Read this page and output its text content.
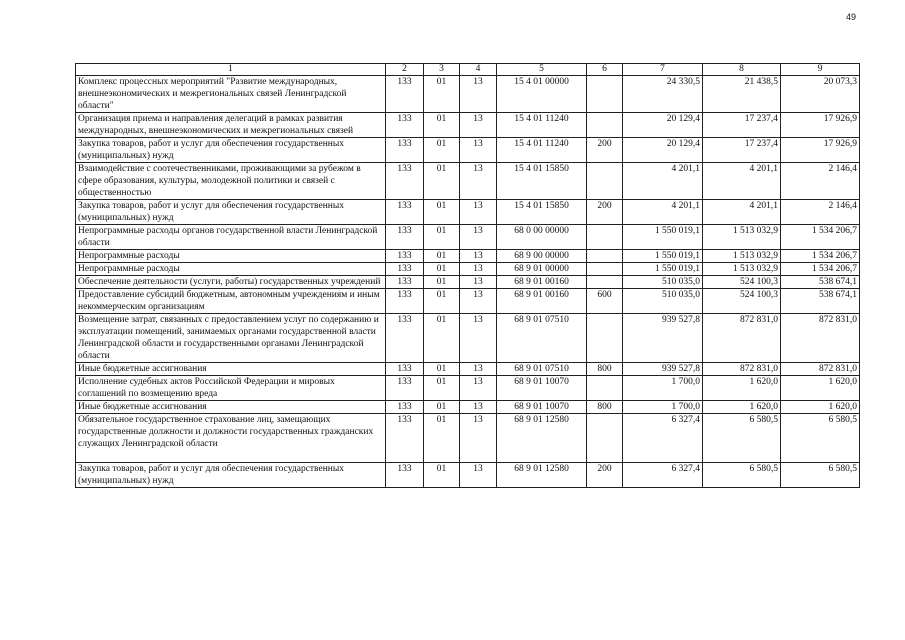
49
1	2	3	4	5	6	7	8	9
Комплекс процессных мероприятий "Развитие международных, внешнеэкономических и межрегиональных связей Ленинградской области"	133	01	13	15 4 01 00000		24 330,5	21 438,5	20 073,3
Организация приема и направления делегаций в рамках развития международных, внешнеэкономических и межрегиональных связей	133	01	13	15 4 01 11240		20 129,4	17 237,4	17 926,9
Закупка товаров, работ и услуг для обеспечения государственных (муниципальных) нужд	133	01	13	15 4 01 11240	200	20 129,4	17 237,4	17 926,9
Взаимодействие с соотечественниками, проживающими за рубежом в сфере образования, культуры, молодежной политики и связей с общественностью	133	01	13	15 4 01 15850		4 201,1	4 201,1	2 146,4
Закупка товаров, работ и услуг для обеспечения государственных (муниципальных) нужд	133	01	13	15 4 01 15850	200	4 201,1	4 201,1	2 146,4
Непрограммные расходы органов государственной власти Ленинградской области	133	01	13	68 0 00 00000		1 550 019,1	1 513 032,9	1 534 206,7
Непрограммные расходы	133	01	13	68 9 00 00000		1 550 019,1	1 513 032,9	1 534 206,7
Непрограммные расходы	133	01	13	68 9 01 00000		1 550 019,1	1 513 032,9	1 534 206,7
Обеспечение деятельности (услуги, работы) государственных учреждений	133	01	13	68 9 01 00160		510 035,0	524 100,3	538 674,1
Предоставление субсидий бюджетным, автономным учреждениям и иным некоммерческим организациям	133	01	13	68 9 01 00160	600	510 035,0	524 100,3	538 674,1
Возмещение затрат, связанных с предоставлением услуг по содержанию и эксплуатации помещений, занимаемых органами государственной власти Ленинградской области и государственными органами Ленинградской области	133	01	13	68 9 01 07510		939 527,8	872 831,0	872 831,0
Иные бюджетные ассигнования	133	01	13	68 9 01 07510	800	939 527,8	872 831,0	872 831,0
Исполнение судебных актов Российской Федерации и мировых соглашений по возмещению вреда	133	01	13	68 9 01 10070		1 700,0	1 620,0	1 620,0
Иные бюджетные ассигнования	133	01	13	68 9 01 10070	800	1 700,0	1 620,0	1 620,0
Обязательное государственное страхование лиц, замещающих государственные должности и должности государственных гражданских служащих Ленинградской области	133	01	13	68 9 01 12580		6 327,4	6 580,5	6 580,5
Закупка товаров, работ и услуг для обеспечения государственных (муниципальных) нужд	133	01	13	68 9 01 12580	200	6 327,4	6 580,5	6 580,5
